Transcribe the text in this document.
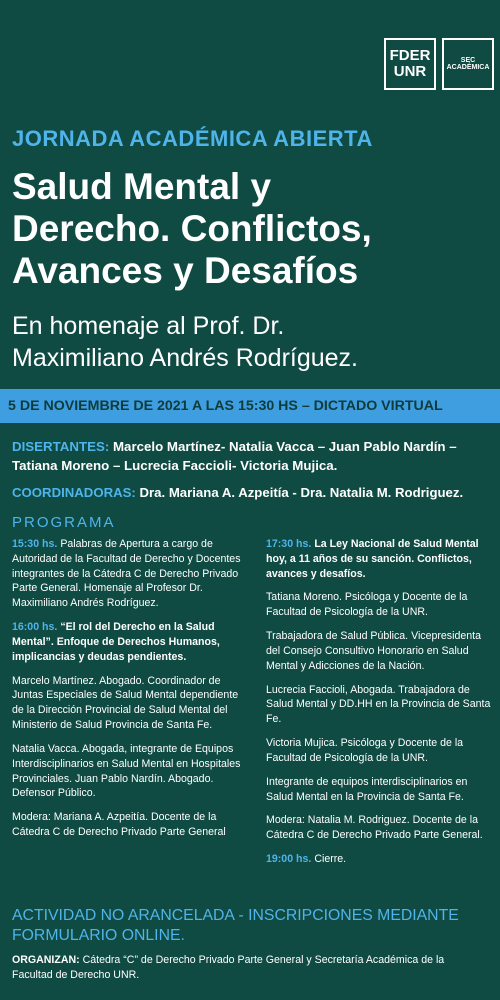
FDER
UNR
SEC
ACADÉMICA
JORNADA ACADÉMICA ABIERTA
Salud Mental y
Derecho. Conflictos,
Avances y Desafíos
En homenaje al Prof. Dr.
Maximiliano Andrés Rodríguez.
5 DE NOVIEMBRE DE 2021 A LAS 15:30 HS – DICTADO VIRTUAL
DISERTANTES: Marcelo Martínez- Natalia Vacca – Juan Pablo Nardín – Tatiana Moreno – Lucrecia Faccioli- Victoria Mujica.
COORDINADORAS: Dra. Mariana A. Azpeitía - Dra. Natalia M. Rodriguez.
PROGRAMA

15:30 hs. Palabras de Apertura a cargo de Autoridad de la Facultad de Derecho y Docentes integrantes de la Cátedra C de Derecho Privado Parte General. Homenaje al Profesor Dr. Maximiliano Andrés Rodríguez.

16:00 hs. “El rol del Derecho en la Salud Mental”. Enfoque de Derechos Humanos, implicancias y deudas pendientes.

Marcelo Martínez. Abogado. Coordinador de Juntas Especiales de Salud Mental dependiente de la Dirección Provincial de Salud Mental del Ministerio de Salud Provincia de Santa Fe.

Natalia Vacca. Abogada, integrante de Equipos Interdisciplinarios en Salud Mental en Hospitales Provinciales. Juan Pablo Nardín. Abogado. Defensor Público.

Modera: Mariana A. Azpeitía. Docente de la Cátedra C de Derecho Privado Parte General

17:30 hs. La Ley Nacional de Salud Mental hoy, a 11 años de su sanción. Conflictos, avances y desafíos.

Tatiana Moreno. Psicóloga y Docente de la Facultad de Psicología de la UNR.

Trabajadora de Salud Pública. Vicepresidenta del Consejo Consultivo Honorario en Salud Mental y Adicciones de la Nación.

Lucrecia Faccioli, Abogada. Trabajadora de Salud Mental y DD.HH en la Provincia de Santa Fe.

Victoria Mujica. Psicóloga y Docente de la Facultad de Psicología de la UNR.

Integrante de equipos interdisciplinarios en Salud Mental en la Provincia de Santa Fe.

Modera: Natalia M. Rodriguez. Docente de la Cátedra C de Derecho Privado Parte General.

19:00 hs. Cierre.

ACTIVIDAD NO ARANCELADA - INSCRIPCIONES MEDIANTE FORMULARIO ONLINE.
ORGANIZAN: Cátedra “C” de Derecho Privado Parte General y Secretaría Académica de la Facultad de Derecho UNR.
